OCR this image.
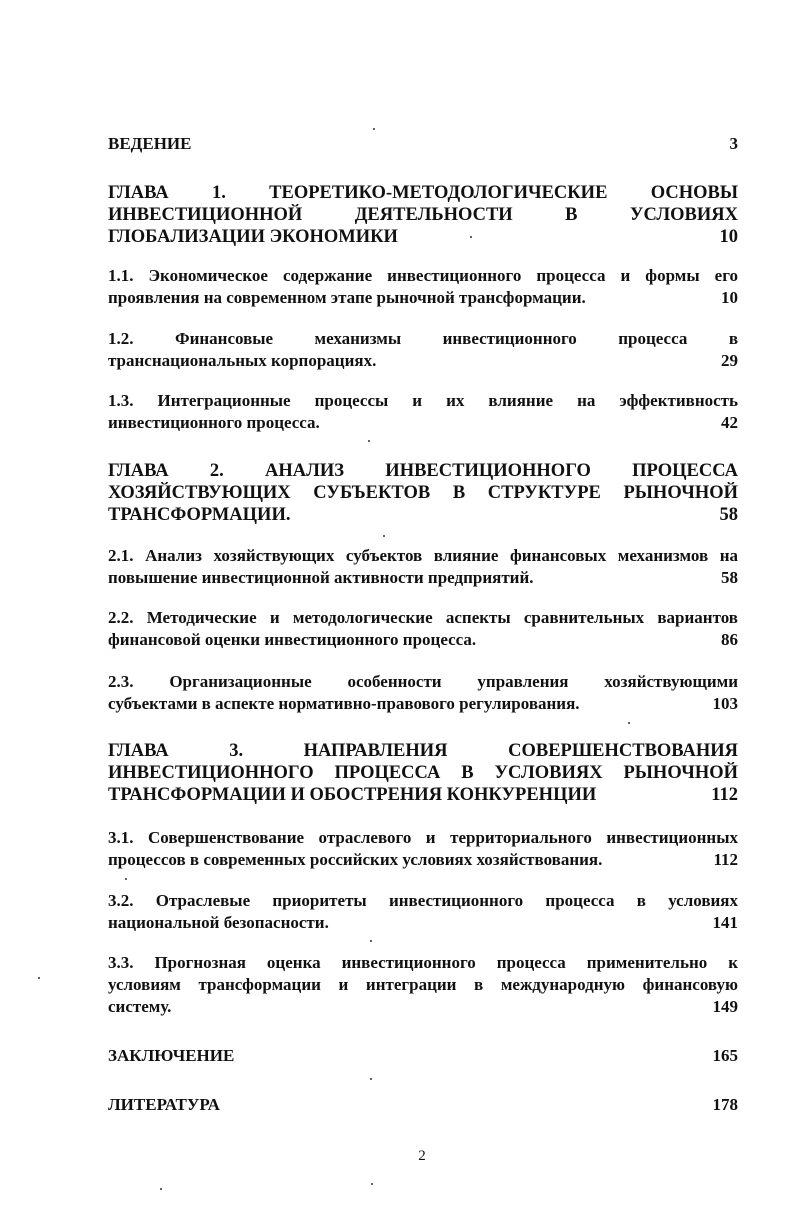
ВЕДЕНИЕ	3
ГЛАВА 1. ТЕОРЕТИКО-МЕТОДОЛОГИЧЕСКИЕ ОСНОВЫ
ИНВЕСТИЦИОННОЙ ДЕЯТЕЛЬНОСТИ В УСЛОВИЯХ
ГЛОБАЛИЗАЦИИ ЭКОНОМИКИ	10
1.1. Экономическое содержание инвестиционного процесса и формы его
проявления на современном этапе рыночной трансформации.	10
1.2. Финансовые механизмы инвестиционного процесса в
транснациональных корпорациях.	29
1.3. Интеграционные процессы и их влияние на эффективность
инвестиционного процесса.	42
ГЛАВА 2. АНАЛИЗ ИНВЕСТИЦИОННОГО ПРОЦЕССА
ХОЗЯЙСТВУЮЩИХ СУБЪЕКТОВ В СТРУКТУРЕ РЫНОЧНОЙ
ТРАНСФОРМАЦИИ.	58
2.1. Анализ хозяйствующих субъектов влияние финансовых механизмов на
повышение инвестиционной активности предприятий.	58
2.2. Методические и методологические аспекты сравнительных вариантов
финансовой оценки инвестиционного процесса.	86
2.3. Организационные особенности управления хозяйствующими
субъектами в аспекте нормативно-правового регулирования.	103
ГЛАВА 3. НАПРАВЛЕНИЯ СОВЕРШЕНСТВОВАНИЯ
ИНВЕСТИЦИОННОГО ПРОЦЕССА В УСЛОВИЯХ РЫНОЧНОЙ
ТРАНСФОРМАЦИИ И ОБОСТРЕНИЯ КОНКУРЕНЦИИ	112
3.1. Совершенствование отраслевого и территориального инвестиционных
процессов в современных российских условиях хозяйствования.	112
3.2. Отраслевые приоритеты инвестиционного процесса в условиях
национальной безопасности.	141
3.3. Прогнозная оценка инвестиционного процесса применительно к
условиям трансформации и интеграции в международную финансовую
систему.	149
ЗАКЛЮЧЕНИЕ	165
ЛИТЕРАТУРА	178
2
